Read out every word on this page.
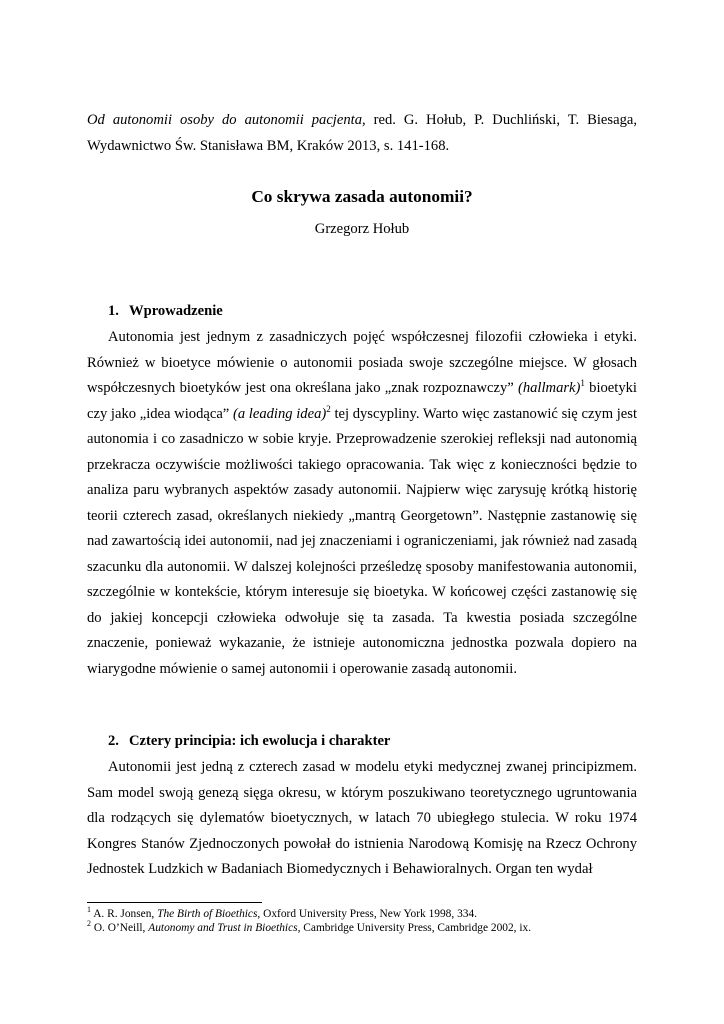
Od autonomii osoby do autonomii pacjenta, red. G. Hołub, P. Duchliński, T. Biesaga, Wydawnictwo Św. Stanisława BM, Kraków 2013, s. 141-168.
Co skrywa zasada autonomii?
Grzegorz Hołub
1. Wprowadzenie
Autonomia jest jednym z zasadniczych pojęć współczesnej filozofii człowieka i etyki. Również w bioetyce mówienie o autonomii posiada swoje szczególne miejsce. W głosach współczesnych bioetyków jest ona określana jako „znak rozpoznawczy” (hallmark)$^1$ bioetyki czy jako „idea wiodąca” (a leading idea)$^2$ tej dyscypliny. Warto więc zastanowić się czym jest autonomia i co zasadniczo w sobie kryje. Przeprowadzenie szerokiej refleksji nad autonomią przekracza oczywiście możliwości takiego opracowania. Tak więc z konieczności będzie to analiza paru wybranych aspektów zasady autonomii. Najpierw więc zarysuję krótką historię teorii czterech zasad, określanych niekiedy „mantrą Georgetown”. Następnie zastanowię się nad zawartością idei autonomii, nad jej znaczeniami i ograniczeniami, jak również nad zasadą szacunku dla autonomii. W dalszej kolejności prześledzę sposoby manifestowania autonomii, szczególnie w kontekście, którym interesuje się bioetyka. W końcowej części zastanowię się do jakiej koncepcji człowieka odwołuje się ta zasada. Ta kwestia posiada szczególne znaczenie, ponieważ wykazanie, że istnieje autonomiczna jednostka pozwala dopiero na wiarygodne mówienie o samej autonomii i operowanie zasadą autonomii.
2. Cztery principia: ich ewolucja i charakter
Autonomii jest jedną z czterech zasad w modelu etyki medycznej zwanej principizmem. Sam model swoją genezą sięga okresu, w którym poszukiwano teoretycznego ugruntowania dla rodzących się dylematów bioetycznych, w latach 70 ubiegłego stulecia. W roku 1974 Kongres Stanów Zjednoczonych powołał do istnienia Narodową Komisję na Rzecz Ochrony Jednostek Ludzkich w Badaniach Biomedycznych i Behawioralnych. Organ ten wydał
$^1$ A. R. Jonsen, The Birth of Bioethics, Oxford University Press, New York 1998, 334.
$^2$ O. O’Neill, Autonomy and Trust in Bioethics, Cambridge University Press, Cambridge 2002, ix.
